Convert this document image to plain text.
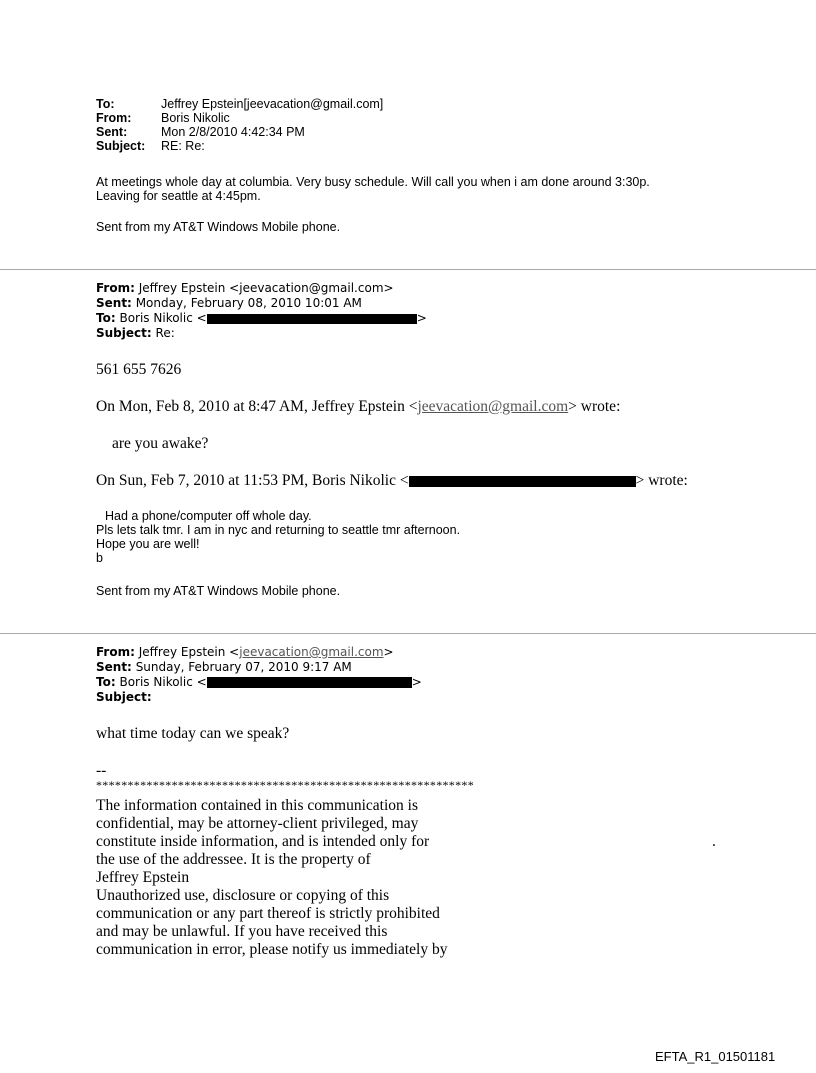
To:	Jeffrey Epstein[jeevacation@gmail.com]
From: Boris Nikolic
Sent:	Mon 2/8/2010 4:42:34 PM
Subject: RE: Re:
At meetings whole day at columbia. Very busy schedule. Will call you when i am done around 3:30p.
Leaving for seattle at 4:45pm.
Sent from my AT&T Windows Mobile phone.
From: Jeffrey Epstein <jeevacation@gmail.com>
Sent: Monday, February 08, 2010 10:01 AM
To: Boris Nikolic <	>
Subject: Re:
561 655 7626
On Mon, Feb 8, 2010 at 8:47 AM, Jeffrey Epstein <jeevacation@gmail.com> wrote:
are you awake?
On Sun, Feb 7, 2010 at 11:53 PM, Boris Nikolic <	> wrote:
Had a phone/computer off whole day.
Pls lets talk tmr. I am in nyc and returning to seattle tmr afternoon.
Hope you are well!
b
Sent from my AT&T Windows Mobile phone.
From: Jeffrey Epstein <jeevacation@gmail.com>
Sent: Sunday, February 07, 2010 9:17 AM
To: Boris Nikolic <	>
Subject:
what time today can we speak?
--
************************************************************
The information contained in this communication is
confidential, may be attorney-client privileged, may
constitute inside information, and is intended only for
the use of the addressee. It is the property of
Jeffrey Epstein
Unauthorized use, disclosure or copying of this
communication or any part thereof is strictly prohibited
and may be unlawful. If you have received this
communication in error, please notify us immediately by
.
EFTA_R1_01501181
